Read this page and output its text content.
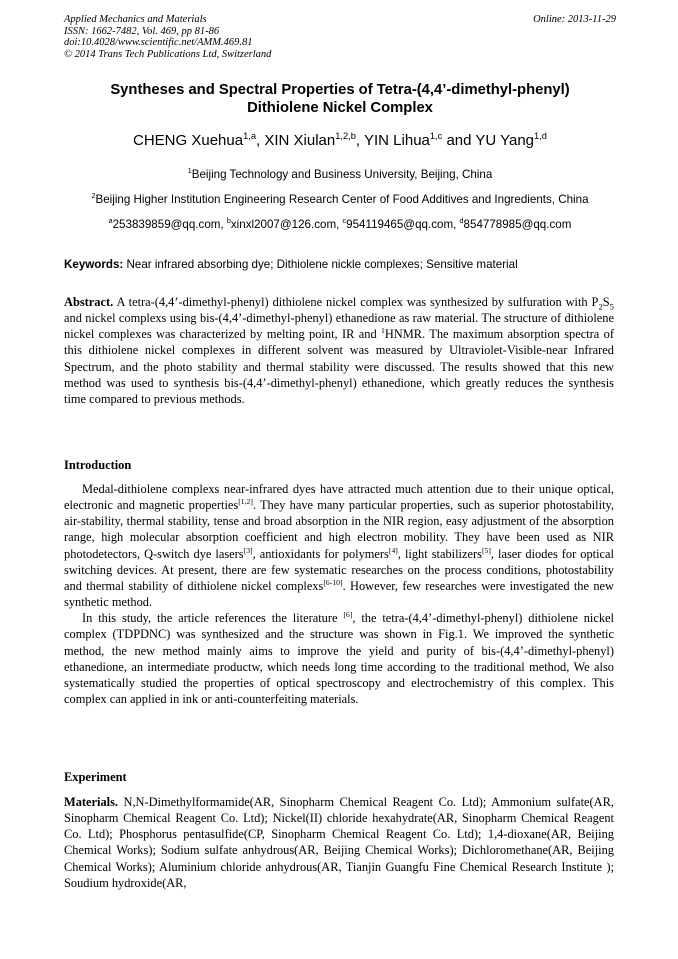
Applied Mechanics and Materials
ISSN: 1662-7482, Vol. 469, pp 81-86
doi:10.4028/www.scientific.net/AMM.469.81
© 2014 Trans Tech Publications Ltd, Switzerland
Online: 2013-11-29
Syntheses and Spectral Properties of Tetra-(4,4’-dimethyl-phenyl)
Dithiolene Nickel Complex
CHENG Xuehua$^{1,a}$, XIN Xiulan$^{1,2,b}$, YIN Lihua$^{1,c}$ and YU Yang$^{1,d}$
$^1$Beijing Technology and Business University, Beijing, China
$^2$Beijing Higher Institution Engineering Research Center of Food Additives and Ingredients, China
$^a$253839859@qq.com, $^b$xinxl2007@126.com, $^c$954119465@qq.com, $^d$854778985@qq.com
Keywords: Near infrared absorbing dye; Dithiolene nickle complexes; Sensitive material

Abstract. A tetra-(4,4’-dimethyl-phenyl) dithiolene nickel complex was synthesized by sulfuration with $P_2S_5$ and nickel complexs using bis-(4,4’-dimethyl-phenyl) ethanedione as raw material. The structure of dithiolene nickel complexes was characterized by melting point, IR and $^1$HNMR. The maximum absorption spectra of this dithiolene nickel complexes in different solvent was measured by Ultraviolet-Visible-near Infrared Spectrum, and the photo stability and thermal stability were discussed. The results showed that this new method was used to synthesis bis-(4,4’-dimethyl-phenyl) ethanedione, which greatly reduces the synthesis time compared to previous methods.

Introduction

Medal-dithiolene complexs near-infrared dyes have attracted much attention due to their unique optical, electronic and magnetic properties[1,2]. They have many particular properties, such as superior photostability, air-stability, thermal stability, tense and broad absorption in the NIR region, easy adjustment of the absorption range, high molecular absorption coefficient and high electron mobility. They have been used as NIR photodetectors, Q-switch dye lasers[3], antioxidants for polymers[4], light stabilizers[5], laser diodes for optical switching devices. At present, there are few systematic researches on the process conditions, photostability and thermal stability of dithiolene nickel complexs[6-10]. However, few researches were investigated the new synthetic method.

In this study, the article references the literature [6], the tetra-(4,4’-dimethyl-phenyl) dithiolene nickel complex (TDPDNC) was synthesized and the structure was shown in Fig.1. We improved the synthetic method, the new method mainly aims to improve the yield and purity of bis-(4,4’-dimethyl-phenyl) ethanedione, an intermediate productw, which needs long time according to the traditional method, We also systematically studied the properties of optical spectroscopy and electrochemistry of this complex. This complex can applied in ink or anti-counterfeiting materials.

Experiment

Materials. N,N-Dimethylformamide(AR, Sinopharm Chemical Reagent Co. Ltd); Ammonium sulfate(AR, Sinopharm Chemical Reagent Co. Ltd); Nickel(II) chloride hexahydrate(AR, Sinopharm Chemical Reagent Co. Ltd); Phosphorus pentasulfide(CP, Sinopharm Chemical Reagent Co. Ltd); 1,4-dioxane(AR, Beijing Chemical Works); Sodium sulfate anhydrous(AR, Beijing Chemical Works); Dichloromethane(AR, Beijing Chemical Works); Aluminium chloride anhydrous(AR, Tianjin Guangfu Fine Chemical Research Institute ); Soudium hydroxide(AR,
